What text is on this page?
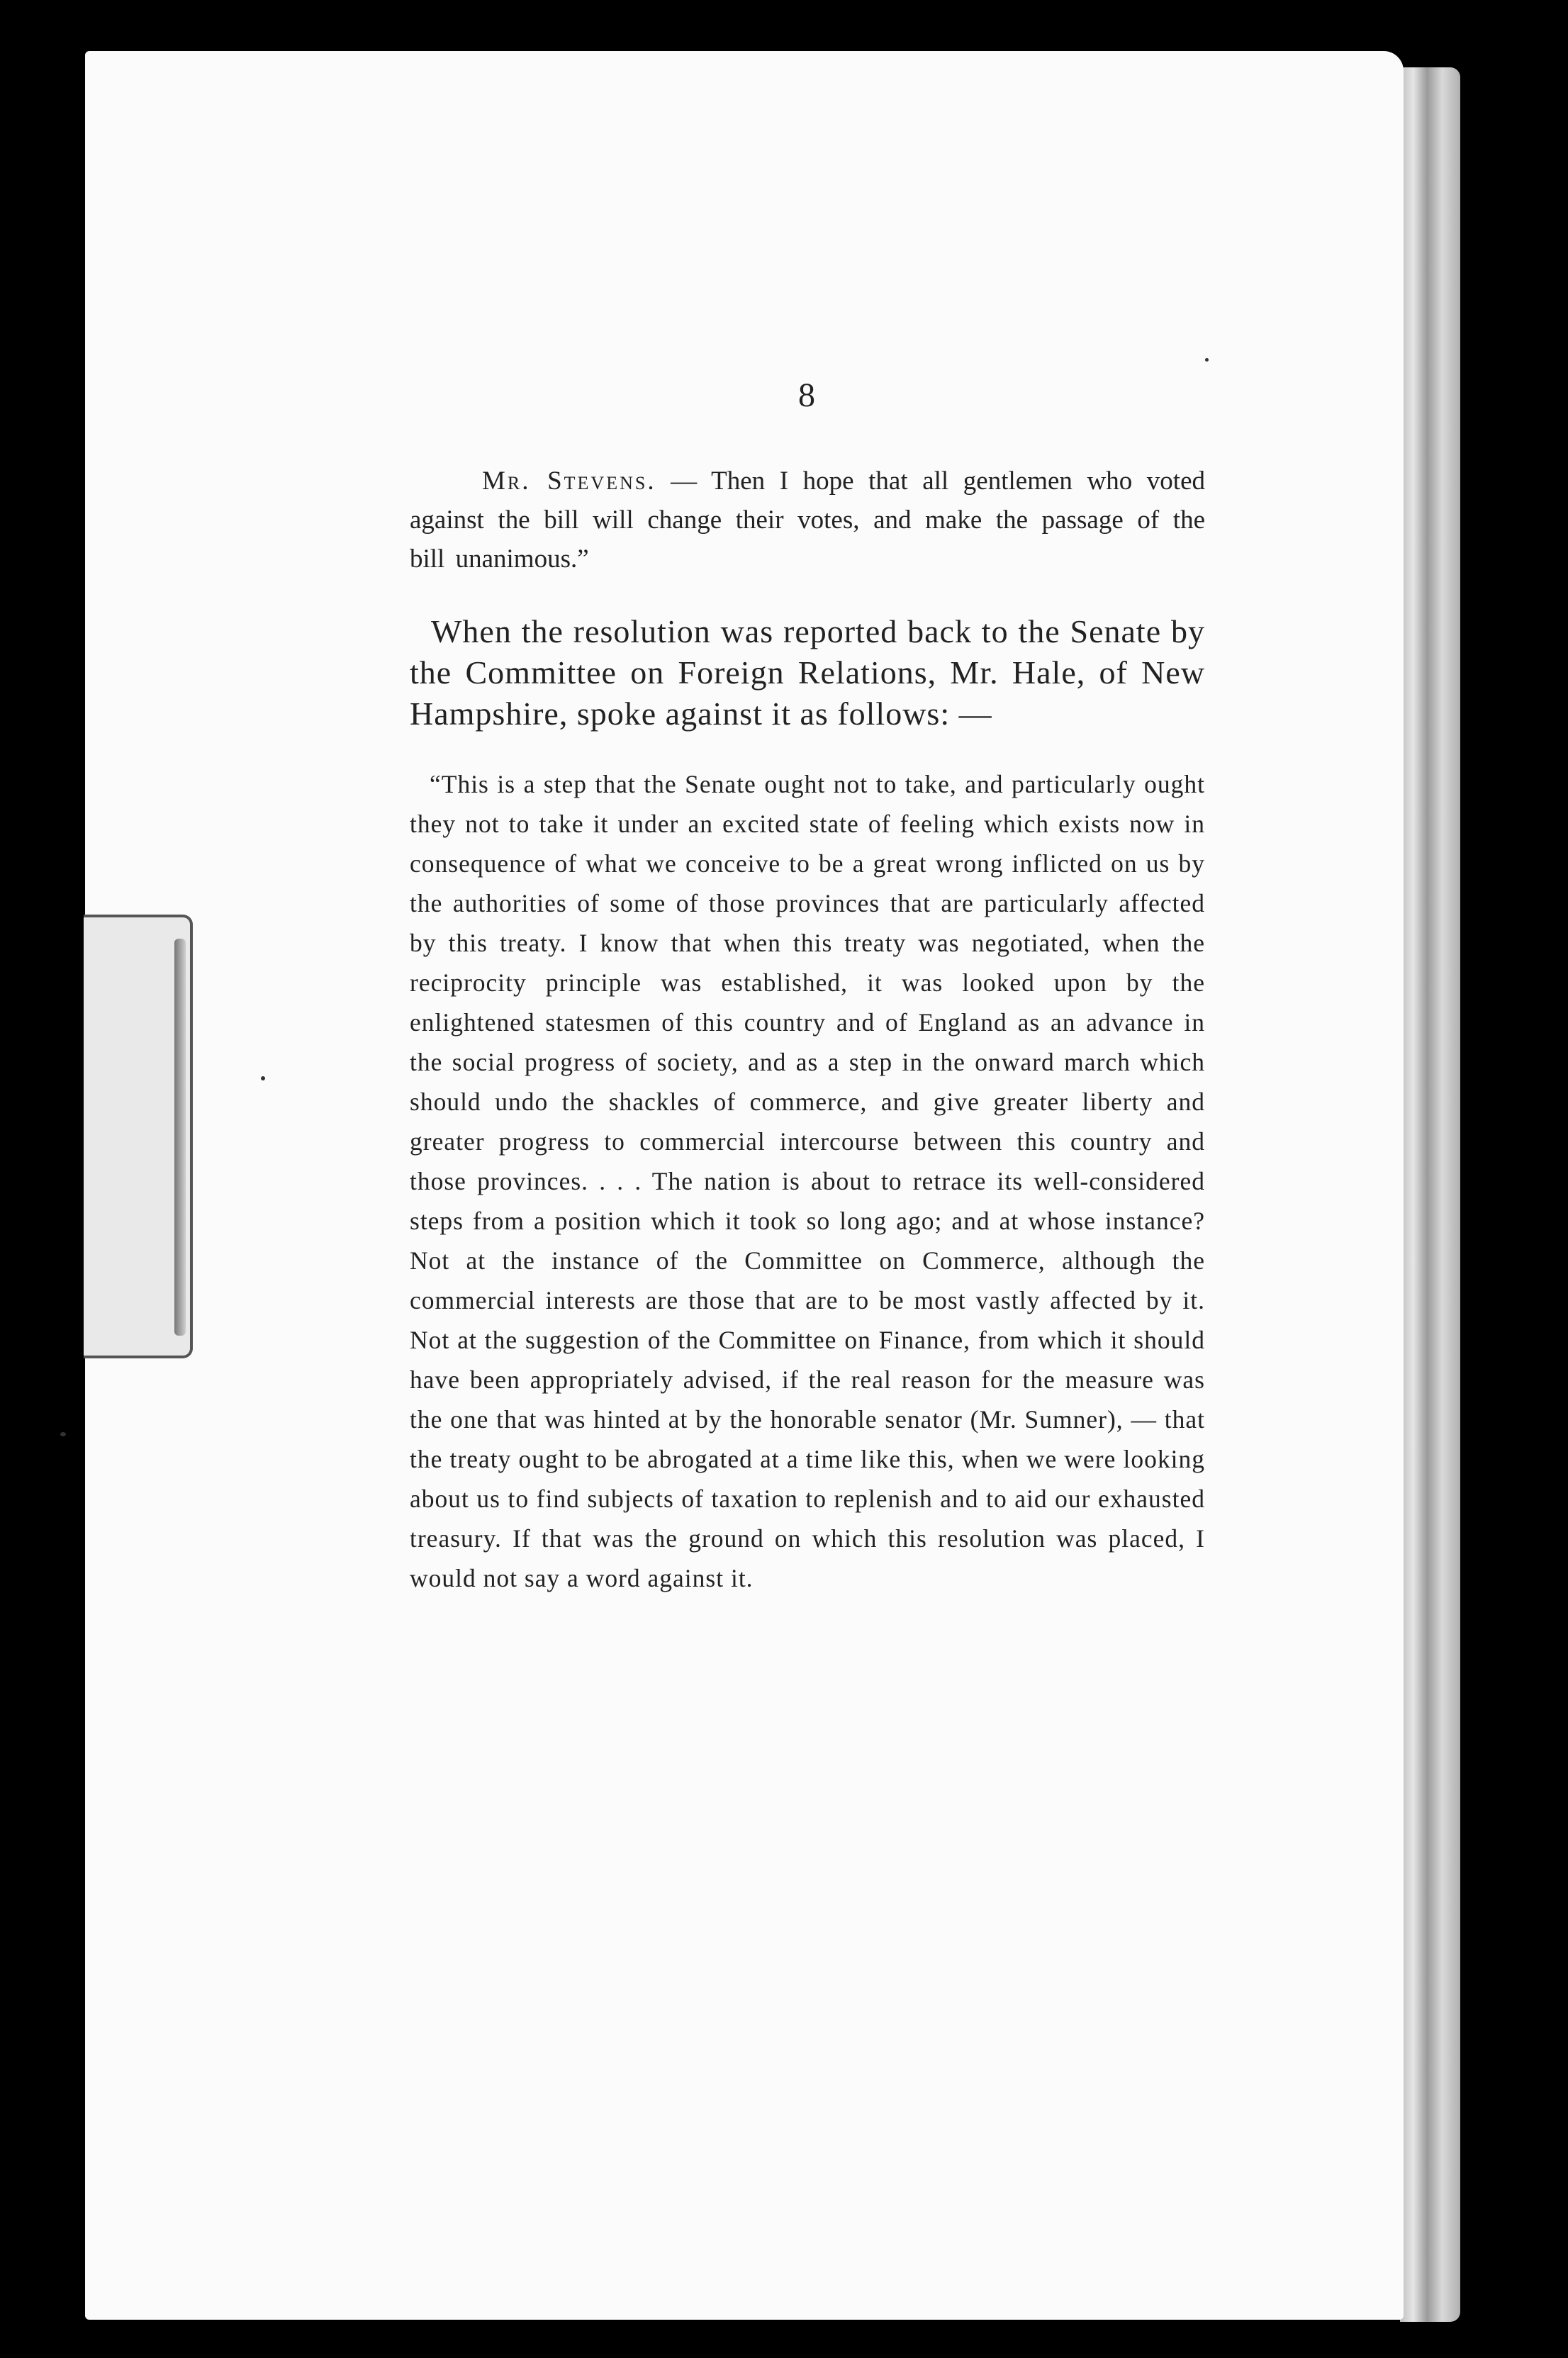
8

Mr. Stevens. — Then I hope that all gentlemen who voted against the bill will change their votes, and make the passage of the bill unanimous.”

When the resolution was reported back to the Senate by the Committee on Foreign Relations, Mr. Hale, of New Hampshire, spoke against it as follows: —

“This is a step that the Senate ought not to take, and particularly ought they not to take it under an excited state of feeling which exists now in consequence of what we conceive to be a great wrong inflicted on us by the authorities of some of those provinces that are particularly affected by this treaty. I know that when this treaty was negotiated, when the reciprocity principle was established, it was looked upon by the enlightened statesmen of this country and of England as an advance in the social progress of society, and as a step in the onward march which should undo the shackles of commerce, and give greater liberty and greater progress to commercial intercourse between this country and those provinces. . . . The nation is about to retrace its well-considered steps from a position which it took so long ago; and at whose instance? Not at the instance of the Committee on Commerce, although the commercial interests are those that are to be most vastly affected by it. Not at the suggestion of the Committee on Finance, from which it should have been appropriately advised, if the real reason for the measure was the one that was hinted at by the honorable senator (Mr. Sumner), — that the treaty ought to be abrogated at a time like this, when we were looking about us to find subjects of taxation to replenish and to aid our exhausted treasury. If that was the ground on which this resolution was placed, I would not say a word against it.
